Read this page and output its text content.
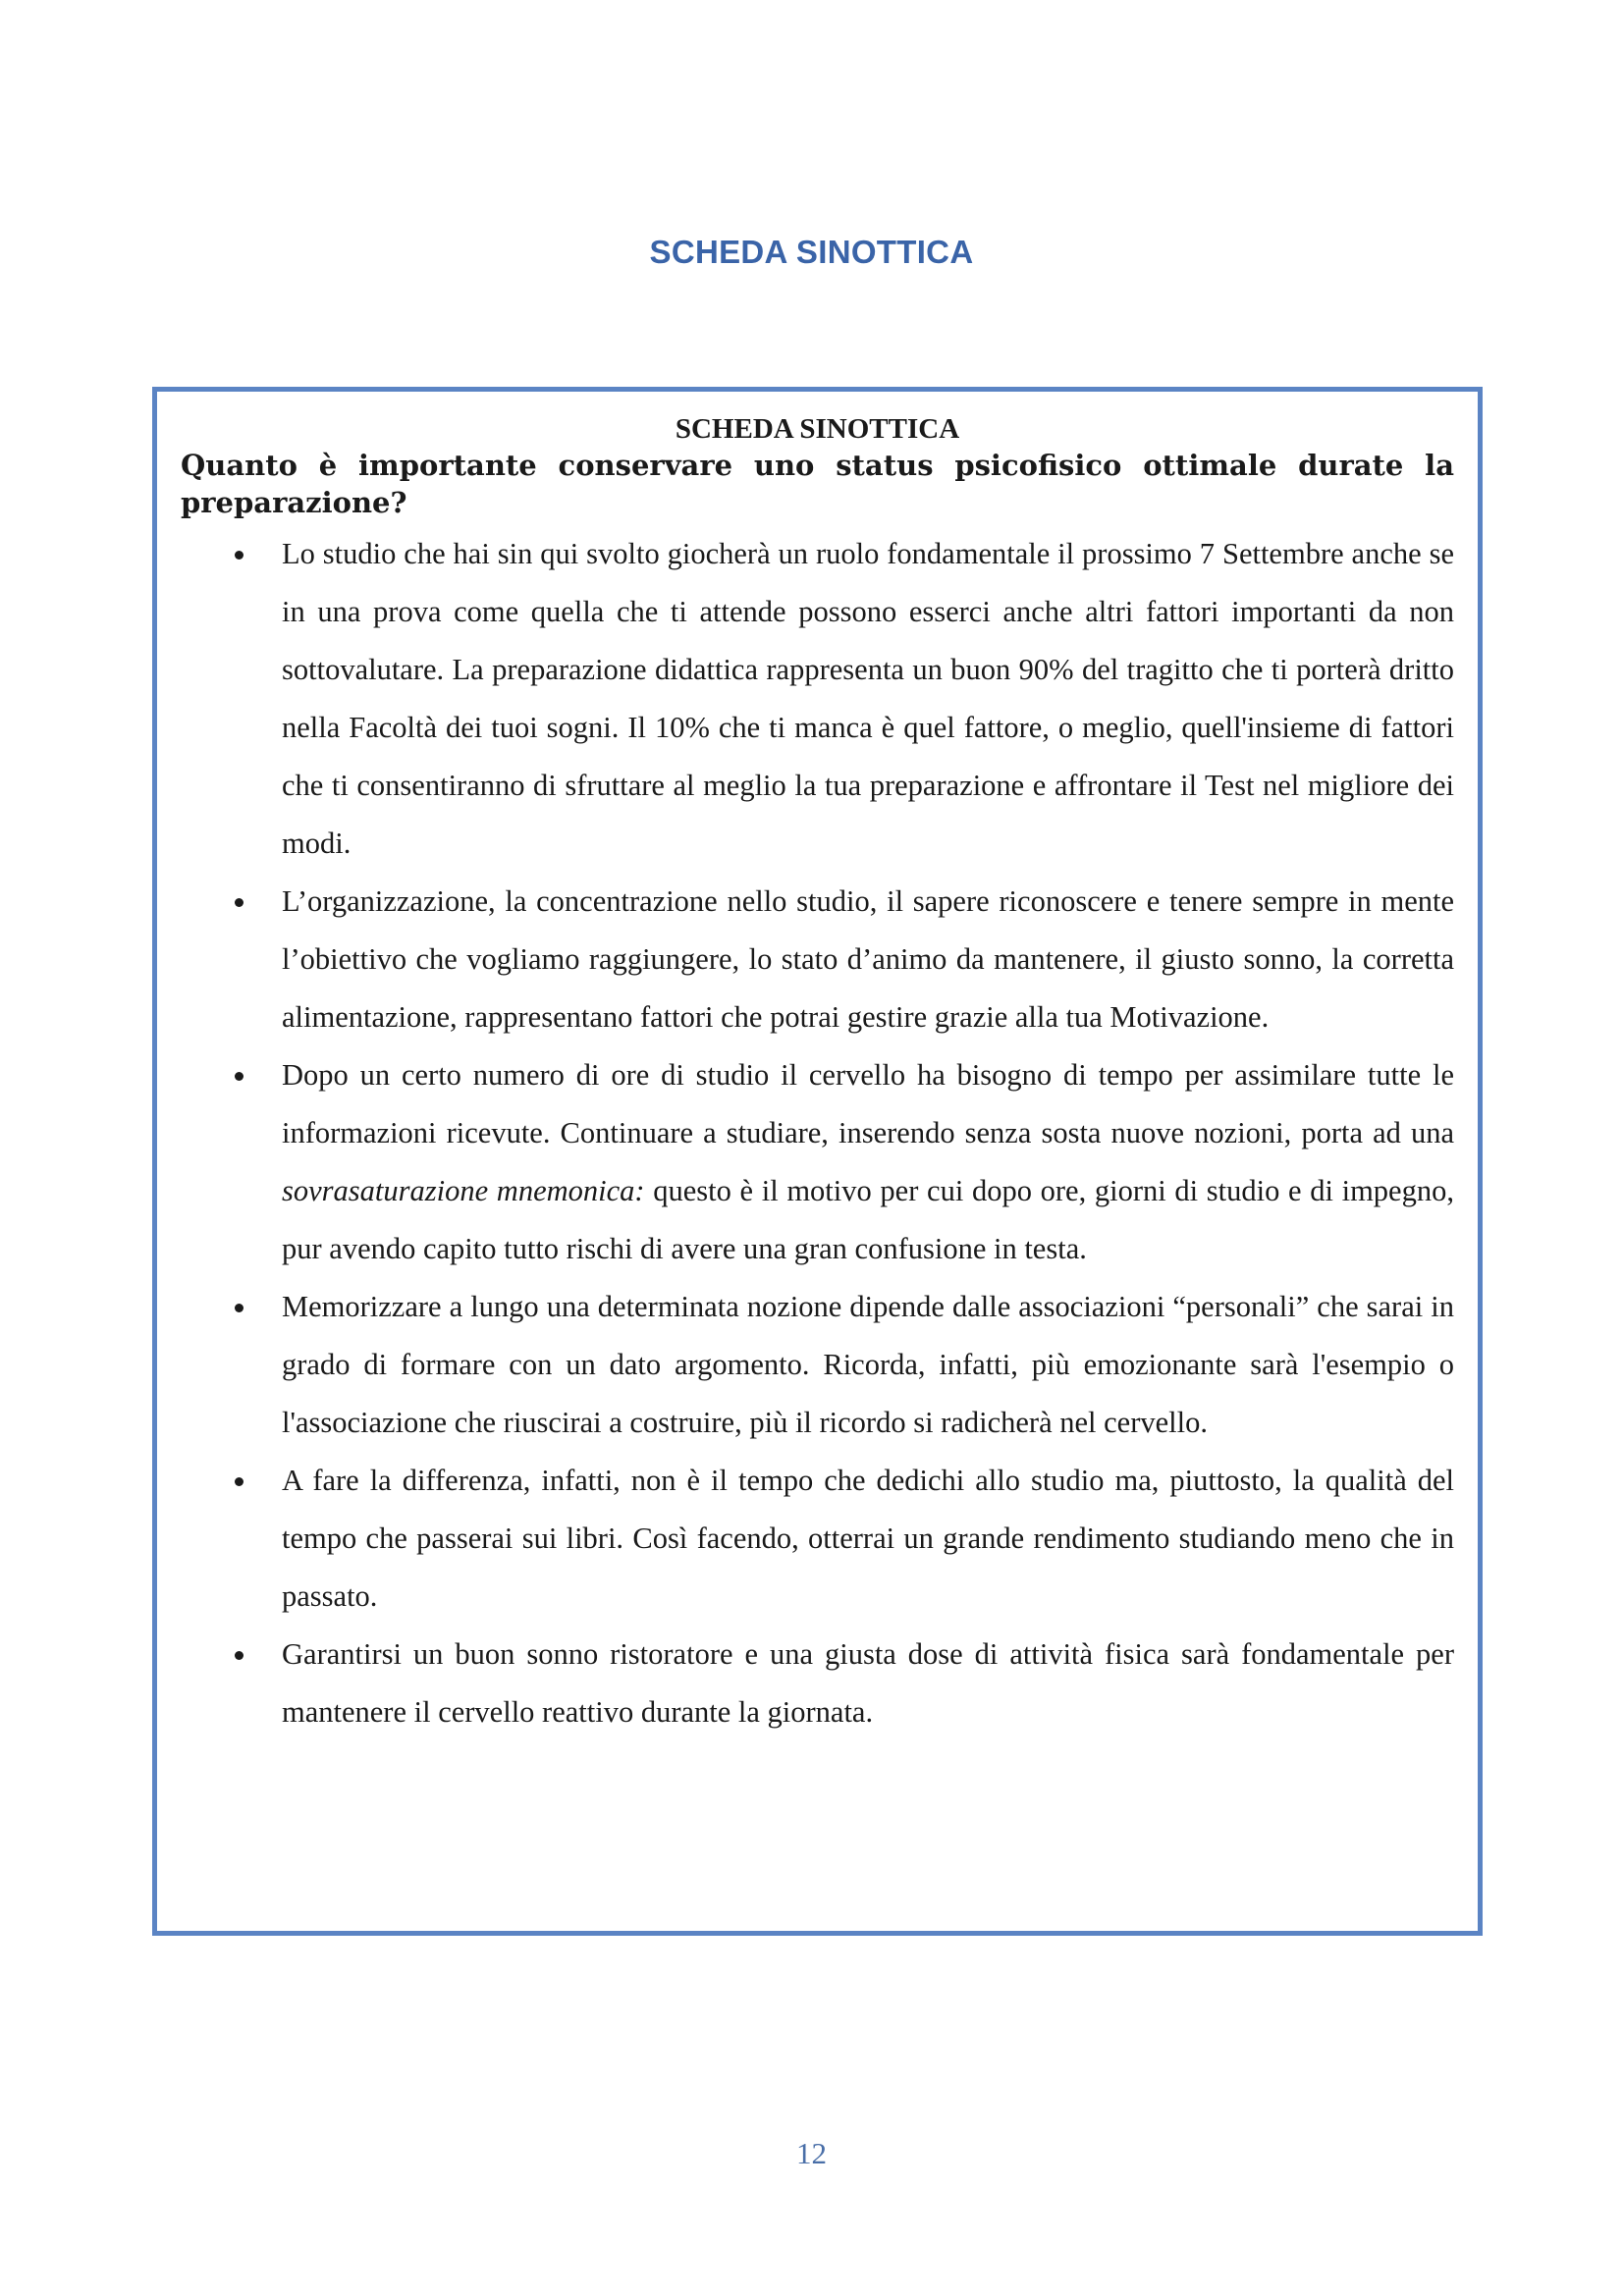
SCHEDA SINOTTICA

SCHEDA SINOTTICA

Quanto è importante conservare uno status psicofisico ottimale durate la preparazione?

Lo studio che hai sin qui svolto giocherà un ruolo fondamentale il prossimo 7 Settembre anche se in una prova come quella che ti attende possono esserci anche altri fattori importanti da non sottovalutare. La preparazione didattica rappresenta un buon 90% del tragitto che ti porterà dritto nella Facoltà dei tuoi sogni. Il 10% che ti manca è quel fattore, o meglio, quell'insieme di fattori che ti consentiranno di sfruttare al meglio la tua preparazione e affrontare il Test nel migliore dei modi.
L’organizzazione, la concentrazione nello studio, il sapere riconoscere e tenere sempre in mente l’obiettivo che vogliamo raggiungere, lo stato d’animo da mantenere, il giusto sonno, la corretta alimentazione, rappresentano fattori che potrai gestire grazie alla tua Motivazione.
Dopo un certo numero di ore di studio il cervello ha bisogno di tempo per assimilare tutte le informazioni ricevute. Continuare a studiare, inserendo senza sosta nuove nozioni, porta ad una sovrasaturazione mnemonica: questo è il motivo per cui dopo ore, giorni di studio e di impegno, pur avendo capito tutto rischi di avere una gran confusione in testa.
Memorizzare a lungo una determinata nozione dipende dalle associazioni “personali” che sarai in grado di formare con un dato argomento. Ricorda, infatti, più emozionante sarà l'esempio o l'associazione che riuscirai a costruire, più il ricordo si radicherà nel cervello.
A fare la differenza, infatti, non è il tempo che dedichi allo studio ma, piuttosto, la qualità del tempo che passerai sui libri. Così facendo, otterrai un grande rendimento studiando meno che in passato.
Garantirsi un buon sonno ristoratore e una giusta dose di attività fisica sarà fondamentale per mantenere il cervello reattivo durante la giornata.
12
